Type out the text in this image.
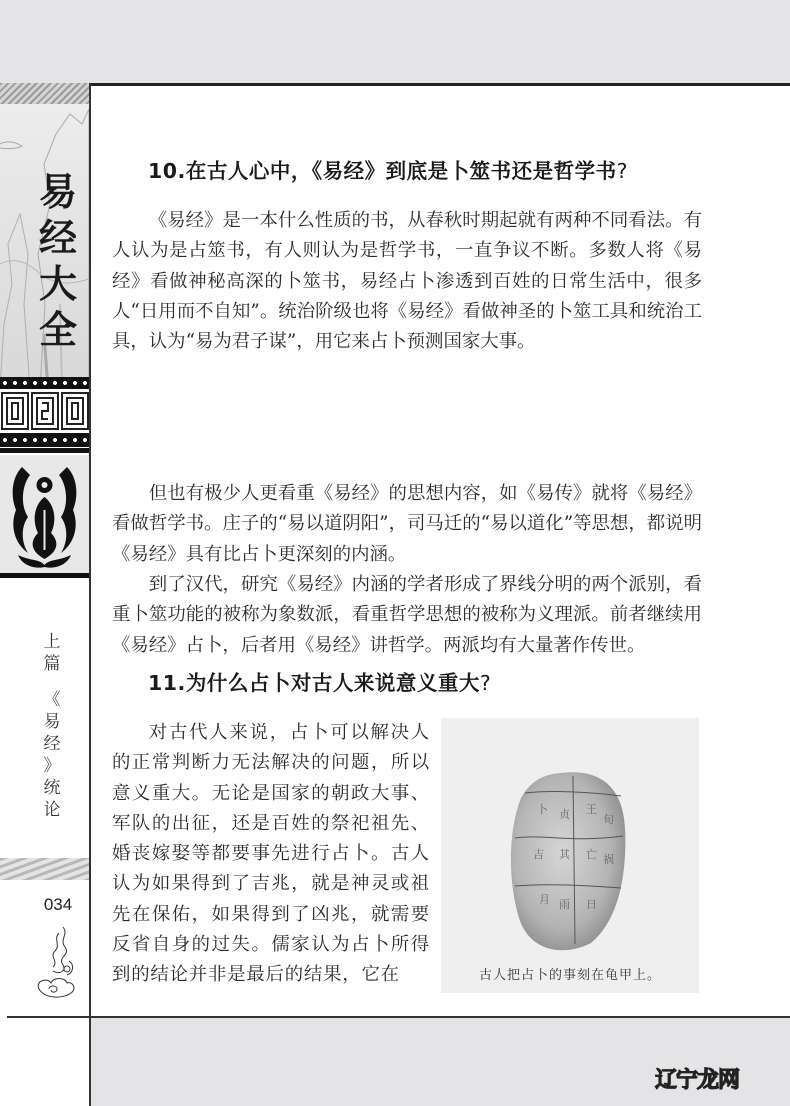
易
经
大
全
上
篇
《
易
经
》
统
论
034
10.在古人心中，《易经》到底是卜筮书还是哲学书?

《易经》是一本什么性质的书，从春秋时期起就有两种不同看法。有人认为是占筮书，有人则认为是哲学书，一直争议不断。多数人将《易经》看做神秘高深的卜筮书，易经占卜渗透到百姓的日常生活中，很多人“日用而不自知”。统治阶级也将《易经》看做神圣的卜筮工具和统治工具，认为“易为君子谋”，用它来占卜预测国家大事。

但也有极少人更看重《易经》的思想内容，如《易传》就将《易经》看做哲学书。庄子的“易以道阴阳”，司马迁的“易以道化”等思想，都说明《易经》具有比占卜更深刻的内涵。

到了汉代，研究《易经》内涵的学者形成了界线分明的两个派别，看重卜筮功能的被称为象数派，看重哲学思想的被称为义理派。前者继续用《易经》占卜，后者用《易经》讲哲学。两派均有大量著作传世。

11.为什么占卜对古人来说意义重大?

对古代人来说，占卜可以解决人的正常判断力无法解决的问题，所以意义重大。无论是国家的朝政大事、军队的出征，还是百姓的祭祀祖先、婚丧嫁娶等都要事先进行占卜。古人认为如果得到了吉兆，就是神灵或祖先在保佑，如果得到了凶兆，就需要反省自身的过失。儒家认为占卜所得到的结论并非是最后的结果，它在

卜 贞 王
旬
吉 其 亡 祸
月 雨 日
古人把占卜的事刻在龟甲上。
辽宁龙网
